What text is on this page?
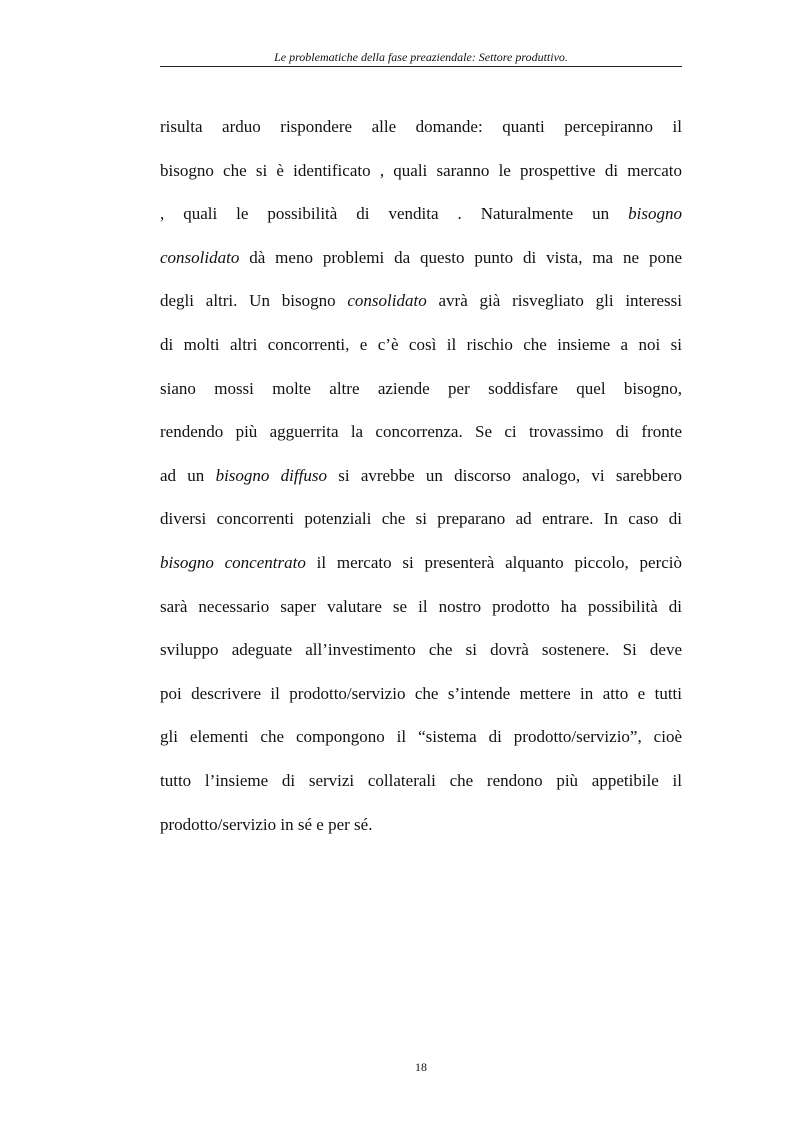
Le problematiche della fase preaziendale: Settore produttivo.
risulta arduo rispondere alle domande: quanti percepiranno il
bisogno che si è identificato , quali saranno le prospettive di mercato
, quali le possibilità di vendita . Naturalmente un bisogno
consolidato dà meno problemi da questo punto di vista, ma ne pone
degli altri. Un bisogno consolidato avrà già risvegliato gli interessi
di molti altri concorrenti, e c’è così il rischio che insieme a noi si
siano mossi molte altre aziende per soddisfare quel bisogno,
rendendo più agguerrita la concorrenza. Se ci trovassimo di fronte
ad un bisogno diffuso si avrebbe un discorso analogo, vi sarebbero
diversi concorrenti potenziali che si preparano ad entrare. In caso di
bisogno concentrato il mercato si presenterà alquanto piccolo, perciò
sarà necessario saper valutare se il nostro prodotto ha possibilità di
sviluppo adeguate all’investimento che si dovrà sostenere. Si deve
poi descrivere il prodotto/servizio che s’intende mettere in atto e tutti
gli elementi che compongono il “sistema di prodotto/servizio”, cioè
tutto l’insieme di servizi collaterali che rendono più appetibile il
prodotto/servizio in sé e per sé.
18
